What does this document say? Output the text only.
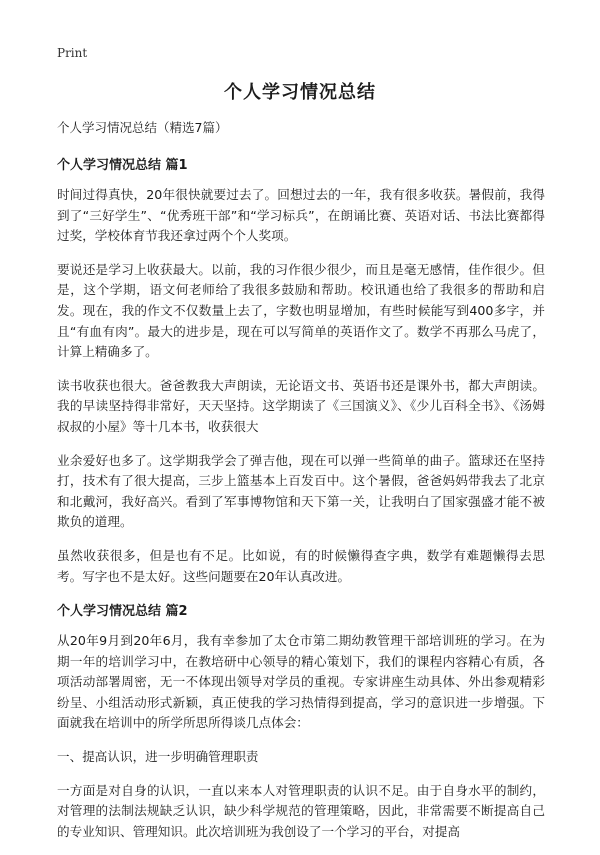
Print
个人学习情况总结
个人学习情况总结（精选7篇）
个人学习情况总结 篇1

时间过得真快，20年很快就要过去了。回想过去的一年，我有很多收获。暑假前，我得到了“三好学生”、“优秀班干部”和“学习标兵”，在朗诵比赛、英语对话、书法比赛都得过奖，学校体育节我还拿过两个个人奖项。

要说还是学习上收获最大。以前，我的习作很少很少，而且是毫无感情，佳作很少。但是，这个学期，语文何老师给了我很多鼓励和帮助。校讯通也给了我很多的帮助和启发。现在，我的作文不仅数量上去了，字数也明显增加，有些时候能写到400多字，并且“有血有肉”。最大的进步是，现在可以写简单的英语作文了。数学不再那么马虎了，计算上精确多了。

读书收获也很大。爸爸教我大声朗读，无论语文书、英语书还是课外书，都大声朗读。我的早读坚持得非常好，天天坚持。这学期读了《三国演义》、《少儿百科全书》、《汤姆叔叔的小屋》等十几本书，收获很大

业余爱好也多了。这学期我学会了弹吉他，现在可以弹一些简单的曲子。篮球还在坚持打，技术有了很大提高，三步上篮基本上百发百中。这个暑假，爸爸妈妈带我去了北京和北戴河，我好高兴。看到了军事博物馆和天下第一关，让我明白了国家强盛才能不被欺负的道理。

虽然收获很多，但是也有不足。比如说，有的时候懒得查字典，数学有难题懒得去思考。写字也不是太好。这些问题要在20年认真改进。

个人学习情况总结 篇2

从20年9月到20年6月，我有幸参加了太仓市第二期幼教管理干部培训班的学习。在为期一年的培训学习中，在教培研中心领导的精心策划下，我们的课程内容精心有质，各项活动部署周密，无一不体现出领导对学员的重视。专家讲座生动具体、外出参观精彩纷呈、小组活动形式新颖，真正使我的学习热情得到提高，学习的意识进一步增强。下面就我在培训中的所学所思所得谈几点体会：

一、提高认识，进一步明确管理职责

一方面是对自身的认识，一直以来本人对管理职责的认识不足。由于自身水平的制约，对管理的法制法规缺乏认识，缺少科学规范的管理策略，因此，非常需要不断提高自己的专业知识、管理知识。此次培训班为我创设了一个学习的平台，对提高
